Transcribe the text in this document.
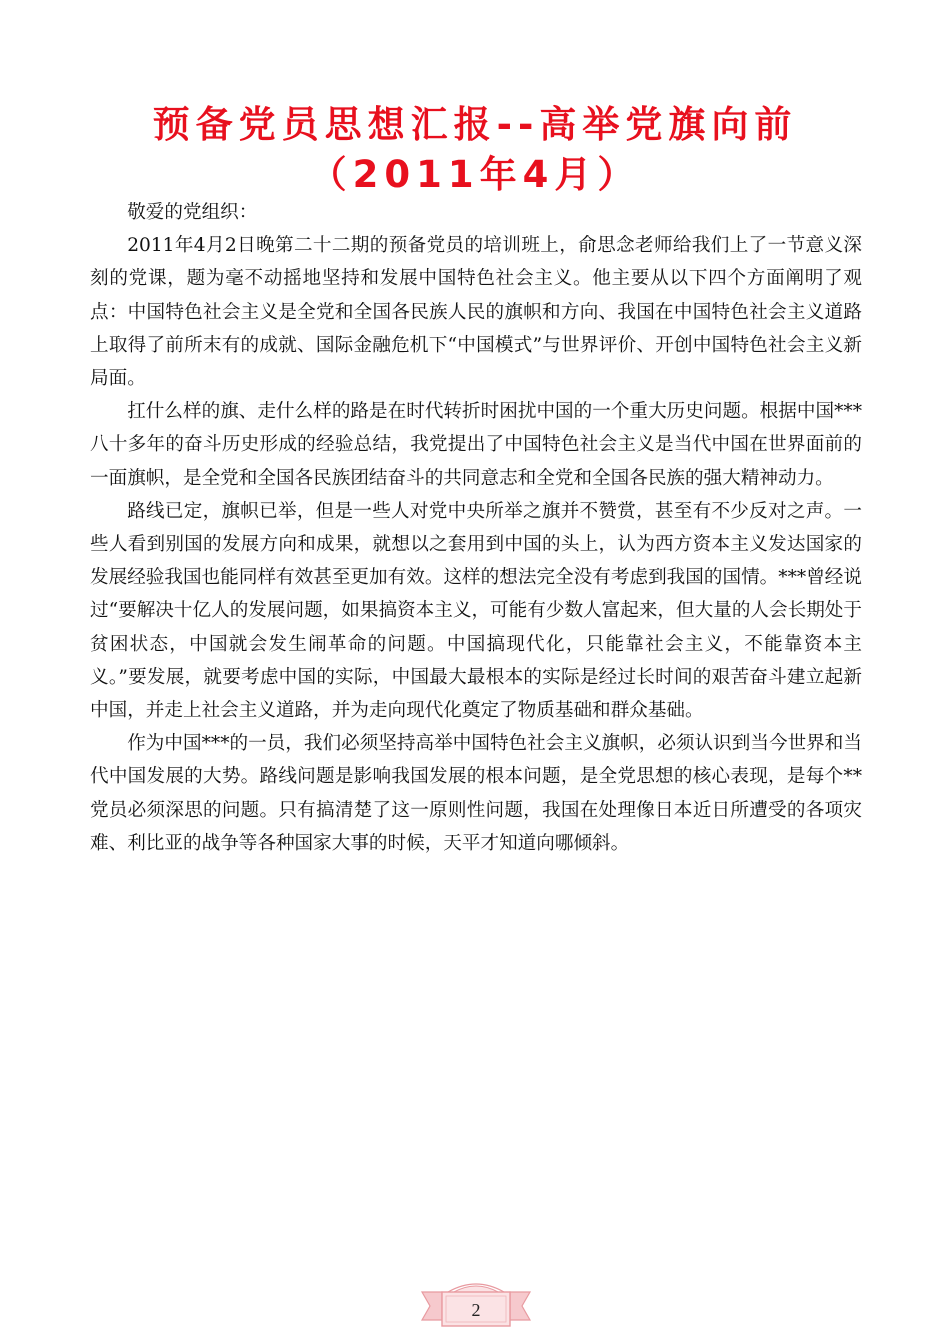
预备党员思想汇报--高举党旗向前（2011年4月）

敬爱的党组织：

2011年4月2日晚第二十二期的预备党员的培训班上，俞思念老师给我们上了一节意义深刻的党课，题为毫不动摇地坚持和发展中国特色社会主义。他主要从以下四个方面阐明了观点：中国特色社会主义是全党和全国各民族人民的旗帜和方向、我国在中国特色社会主义道路上取得了前所末有的成就、国际金融危机下“中国模式”与世界评价、开创中国特色社会主义新局面。

扛什么样的旗、走什么样的路是在时代转折时困扰中国的一个重大历史问题。根据中国***八十多年的奋斗历史形成的经验总结，我党提出了中国特色社会主义是当代中国在世界面前的一面旗帜，是全党和全国各民族团结奋斗的共同意志和全党和全国各民族的强大精神动力。

路线已定，旗帜已举，但是一些人对党中央所举之旗并不赞赏，甚至有不少反对之声。一些人看到别国的发展方向和成果，就想以之套用到中国的头上，认为西方资本主义发达国家的发展经验我国也能同样有效甚至更加有效。这样的想法完全没有考虑到我国的国情。***曾经说过“要解决十亿人的发展问题，如果搞资本主义，可能有少数人富起来，但大量的人会长期处于贫困状态，中国就会发生闹革命的问题。中国搞现代化，只能靠社会主义，不能靠资本主义。”要发展，就要考虑中国的实际，中国最大最根本的实际是经过长时间的艰苦奋斗建立起新中国，并走上社会主义道路，并为走向现代化奠定了物质基础和群众基础。

作为中国***的一员，我们必须坚持高举中国特色社会主义旗帜，必须认识到当今世界和当代中国发展的大势。路线问题是影响我国发展的根本问题，是全党思想的核心表现，是每个**党员必须深思的问题。只有搞清楚了这一原则性问题，我国在处理像日本近日所遭受的各项灾难、利比亚的战争等各种国家大事的时候，天平才知道向哪倾斜。

2
